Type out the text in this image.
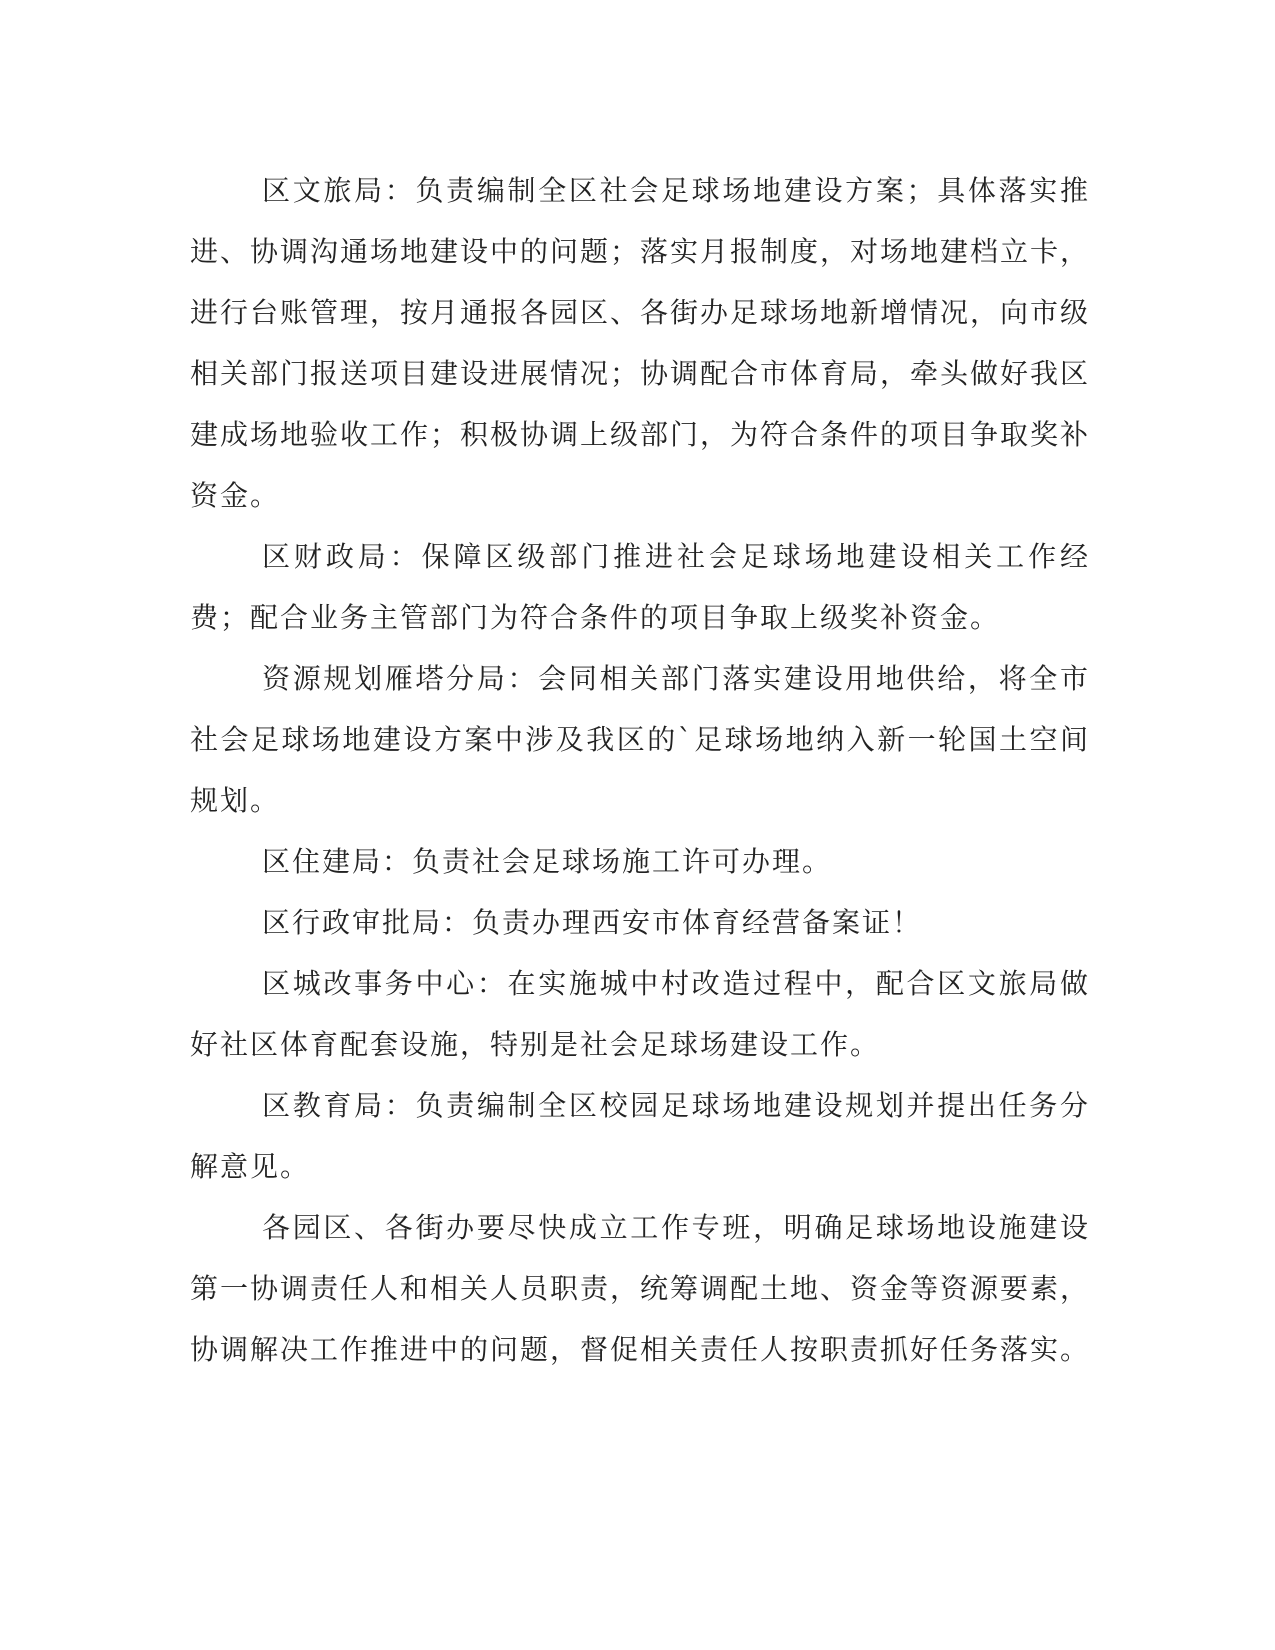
区文旅局：负责编制全区社会足球场地建设方案；具体落实推进、协调沟通场地建设中的问题；落实月报制度，对场地建档立卡，进行台账管理，按月通报各园区、各街办足球场地新增情况，向市级相关部门报送项目建设进展情况；协调配合市体育局，牵头做好我区建成场地验收工作；积极协调上级部门，为符合条件的项目争取奖补资金。

区财政局：保障区级部门推进社会足球场地建设相关工作经费；配合业务主管部门为符合条件的项目争取上级奖补资金。

资源规划雁塔分局：会同相关部门落实建设用地供给，将全市社会足球场地建设方案中涉及我区的`足球场地纳入新一轮国土空间规划。

区住建局：负责社会足球场施工许可办理。

区行政审批局：负责办理西安市体育经营备案证！

区城改事务中心：在实施城中村改造过程中，配合区文旅局做好社区体育配套设施，特别是社会足球场建设工作。

区教育局：负责编制全区校园足球场地建设规划并提出任务分解意见。

各园区、各街办要尽快成立工作专班，明确足球场地设施建设第一协调责任人和相关人员职责，统筹调配土地、资金等资源要素，协调解决工作推进中的问题，督促相关责任人按职责抓好任务落实。
